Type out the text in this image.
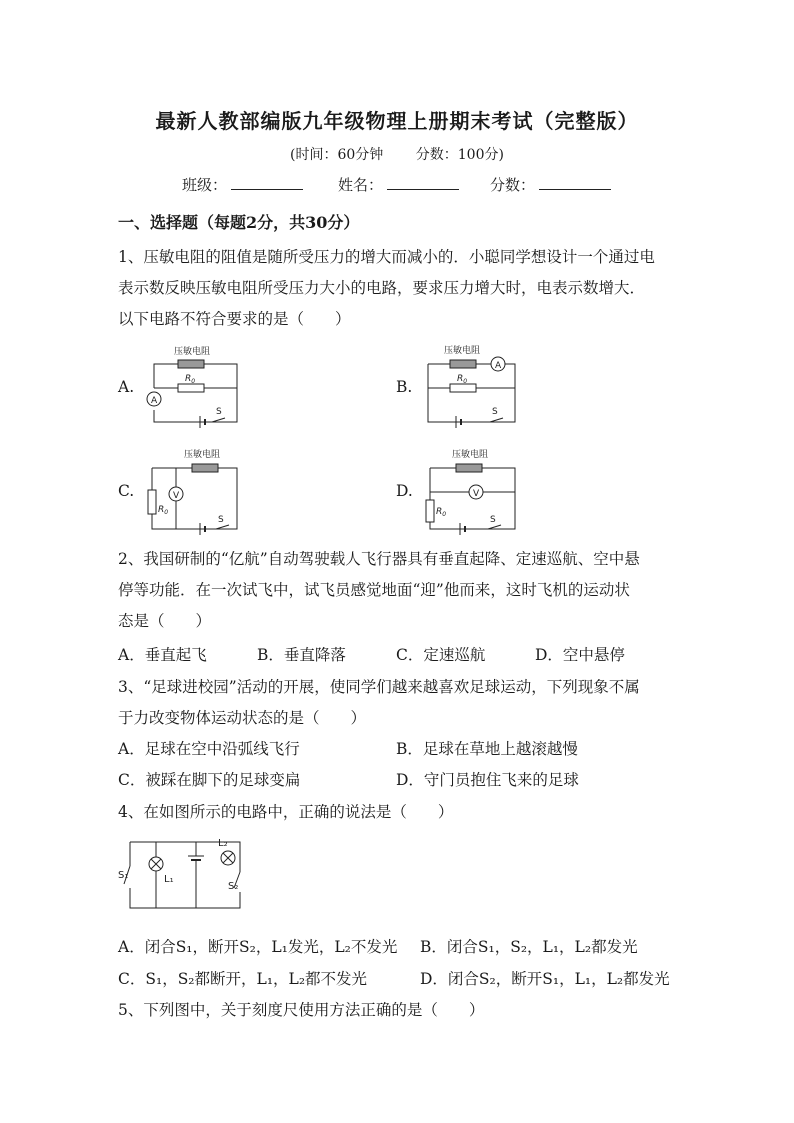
最新人教部编版九年级物理上册期末考试（完整版）
(时间：60分钟 分数：100分)
班级：	姓名：	分数：
一、选择题（每题2分，共30分）
1、压敏电阻的阻值是随所受压力的增大而减小的．小聪同学想设计一个通过电
表示数反映压敏电阻所受压力大小的电路，要求压力增大时，电表示数增大．
以下电路不符合要求的是（　　）
A.
压敏电阻
$R_0$
A
S
B.
压敏电阻
A
$R_0$
S
C.
压敏电阻
V
$R_0$
S
D.
压敏电阻
V
$R_0$
S
2、我国研制的“亿航”自动驾驶载人飞行器具有垂直起降、定速巡航、空中悬
停等功能．在一次试飞中，试飞员感觉地面“迎”他而来，这时飞机的运动状
态是（　　）
A．垂直起飞	B．垂直降落	C．定速巡航	D．空中悬停
3、“足球进校园”活动的开展，使同学们越来越喜欢足球运动，下列现象不属
于力改变物体运动状态的是（　　）
A．足球在空中沿弧线飞行	B．足球在草地上越滚越慢
C．被踩在脚下的足球变扁	D．守门员抱住飞来的足球
4、在如图所示的电路中，正确的说法是（　　）
S₁	L₁
L₂
S₂
A．闭合S₁，断开S₂，L₁发光，L₂不发光 B．闭合S₁，S₂，L₁，L₂都发光
C．S₁，S₂都断开，L₁，L₂都不发光	D．闭合S₂，断开S₁，L₁，L₂都发光
5、下列图中，关于刻度尺使用方法正确的是（　　）
